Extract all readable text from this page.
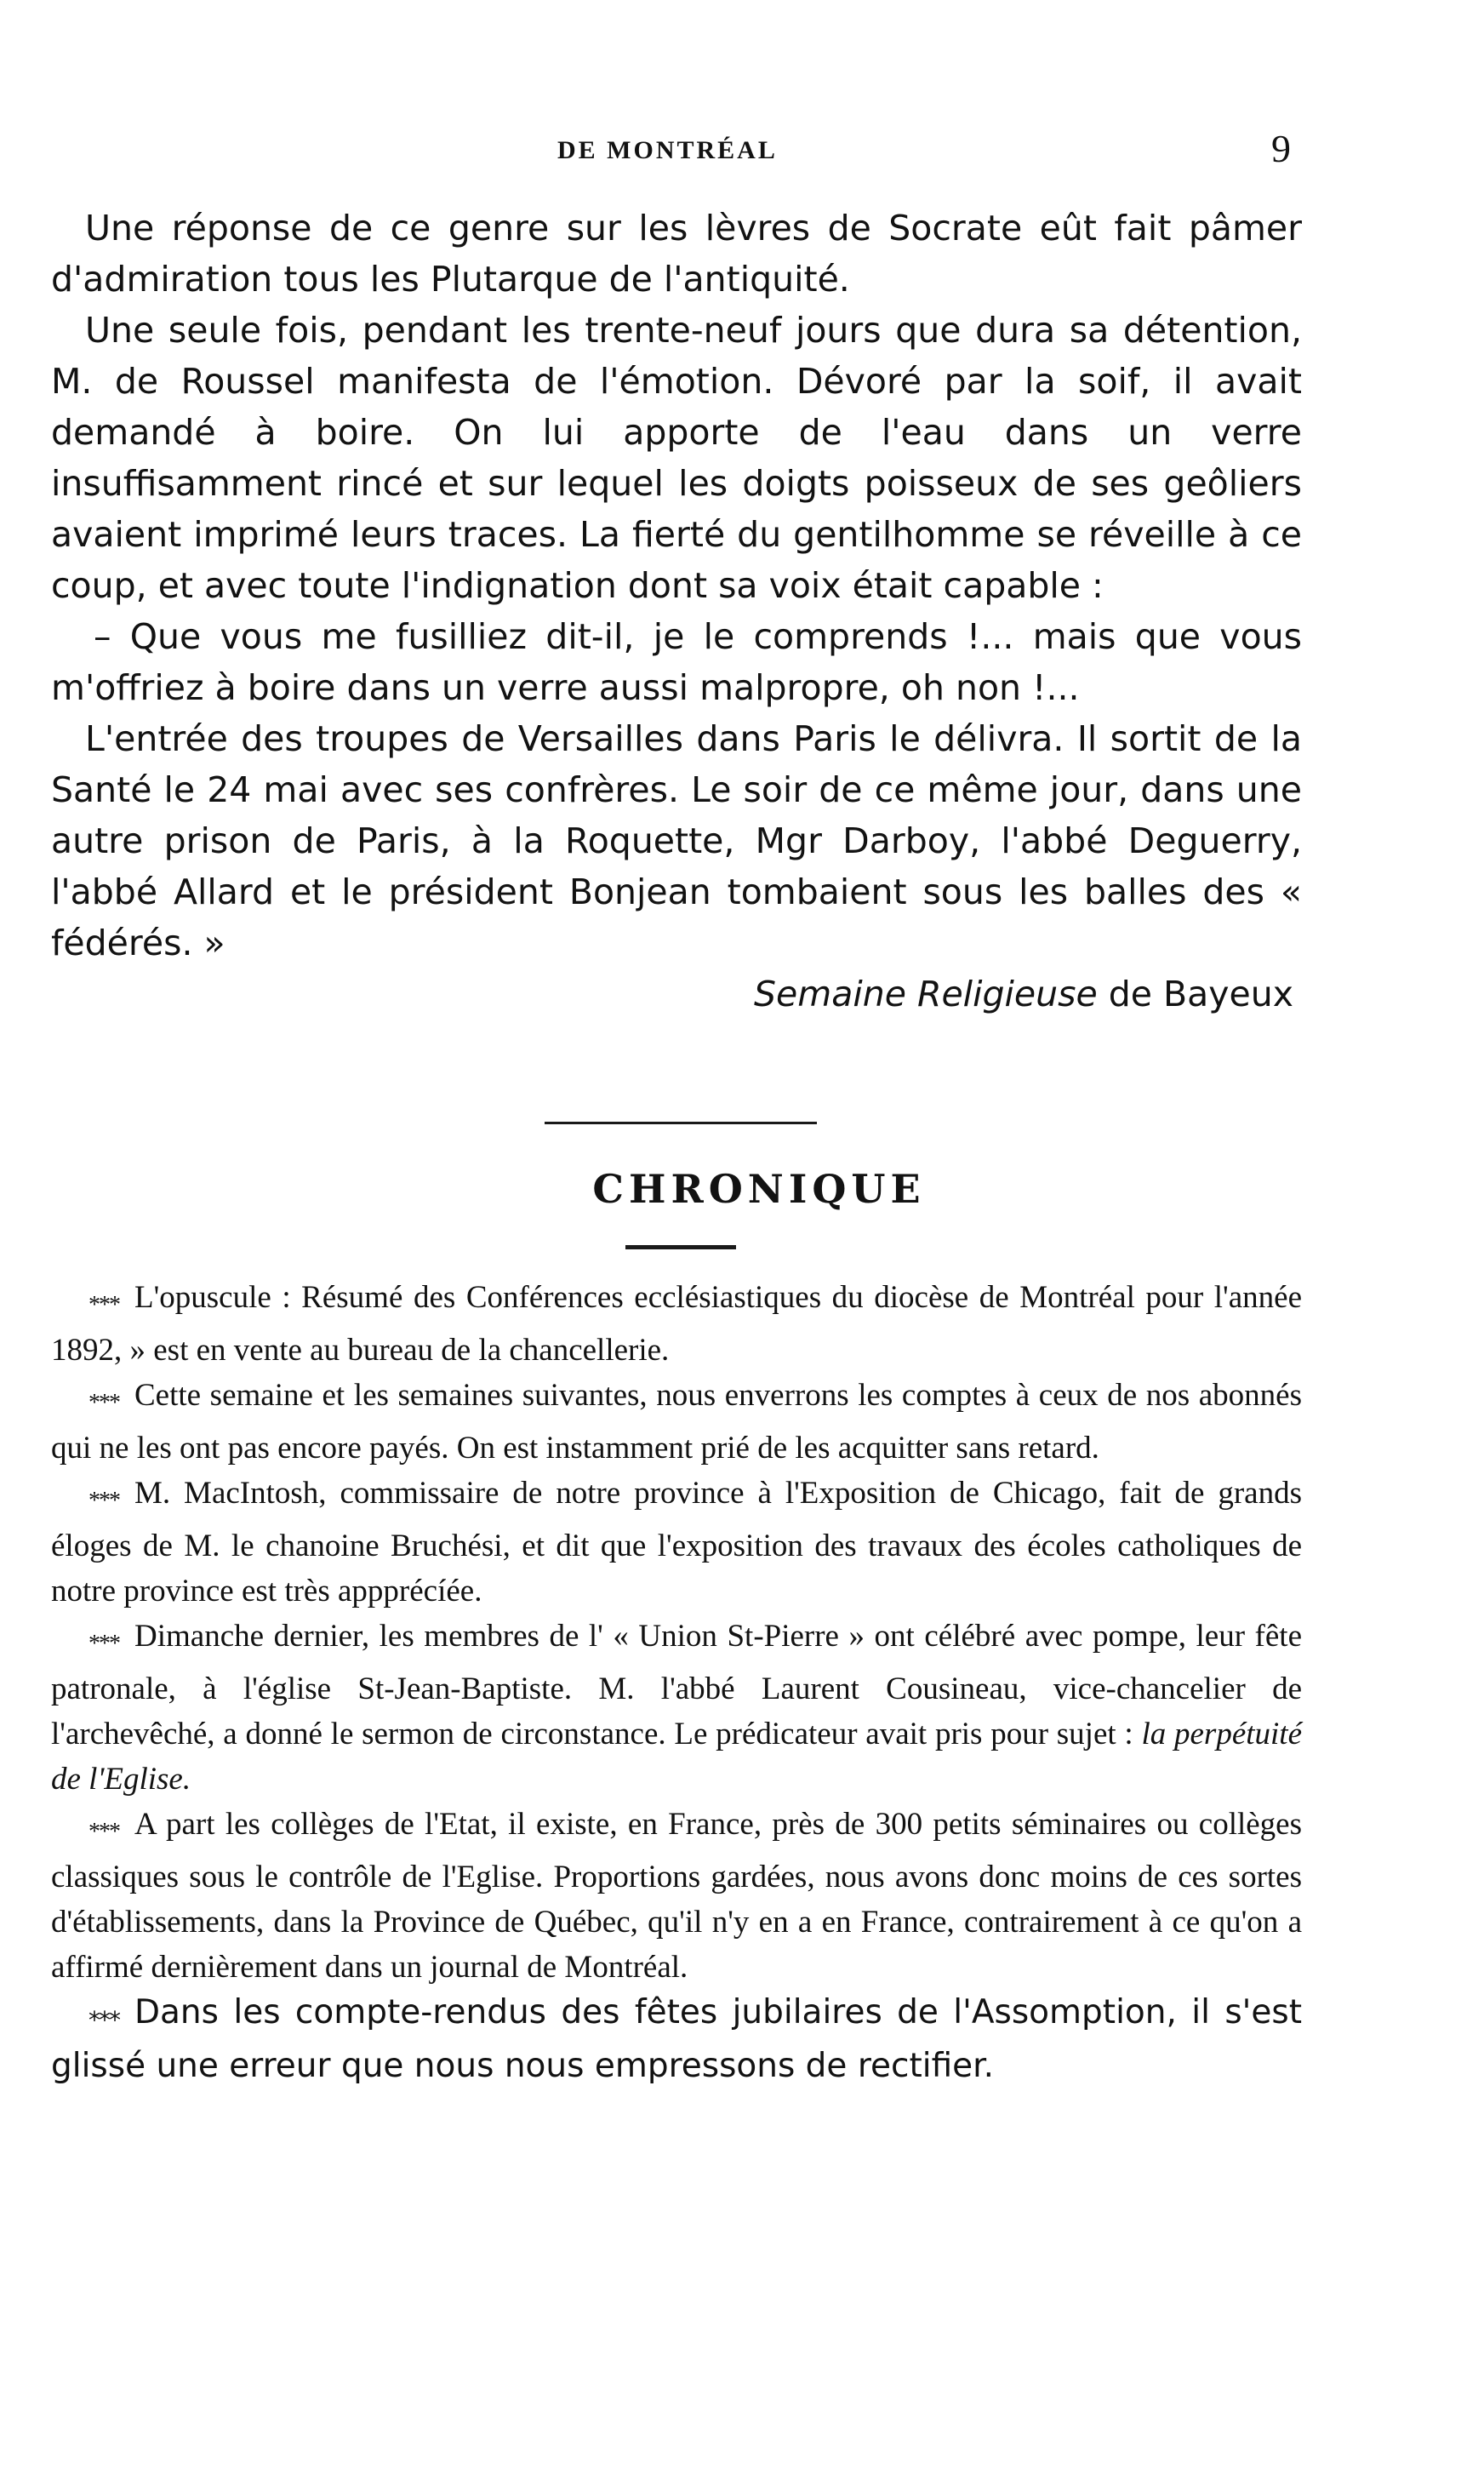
DE MONTRÉAL	9

Une réponse de ce genre sur les lèvres de Socrate eût fait pâmer d'admiration tous les Plutarque de l'antiquité.

Une seule fois, pendant les trente-neuf jours que dura sa détention, M. de Roussel manifesta de l'émotion. Dévoré par la soif, il avait demandé à boire. On lui apporte de l'eau dans un verre insuffisamment rincé et sur lequel les doigts poisseux de ses geôliers avaient imprimé leurs traces. La fierté du gentilhomme se réveille à ce coup, et avec toute l'indignation dont sa voix était capable :

– Que vous me fusilliez dit-il, je le comprends !... mais que vous m'offriez à boire dans un verre aussi malpropre, oh non !...

L'entrée des troupes de Versailles dans Paris le délivra. Il sortit de la Santé le 24 mai avec ses confrères. Le soir de ce même jour, dans une autre prison de Paris, à la Roquette, Mgr Darboy, l'abbé Deguerry, l'abbé Allard et le président Bonjean tombaient sous les balles des « fédérés. »

Semaine Religieuse de Bayeux

CHRONIQUE

*** L'opuscule : Résumé des Conférences ecclésiastiques du diocèse de Montréal pour l'année 1892, » est en vente au bureau de la chancellerie.

*** Cette semaine et les semaines suivantes, nous enverrons les comptes à ceux de nos abonnés qui ne les ont pas encore payés. On est instamment prié de les acquitter sans retard.

*** M. MacIntosh, commissaire de notre province à l'Exposition de Chicago, fait de grands éloges de M. le chanoine Bruchési, et dit que l'exposition des travaux des écoles catholiques de notre province est très appprécíée.

*** Dimanche dernier, les membres de l' « Union St-Pierre » ont célébré avec pompe, leur fête patronale, à l'église St-Jean-Baptiste. M. l'abbé Laurent Cousineau, vice-chancelier de l'archevêché, a donné le sermon de circonstance. Le prédicateur avait pris pour sujet : la perpétuité de l'Eglise.

*** A part les collèges de l'Etat, il existe, en France, près de 300 petits séminaires ou collèges classiques sous le contrôle de l'Eglise. Proportions gardées, nous avons donc moins de ces sortes d'établissements, dans la Province de Québec, qu'il n'y en a en France, contrairement à ce qu'on a affirmé dernièrement dans un journal de Montréal.

*** Dans les compte-rendus des fêtes jubilaires de l'Assomption, il s'est glissé une erreur que nous nous empressons de rectifier.
